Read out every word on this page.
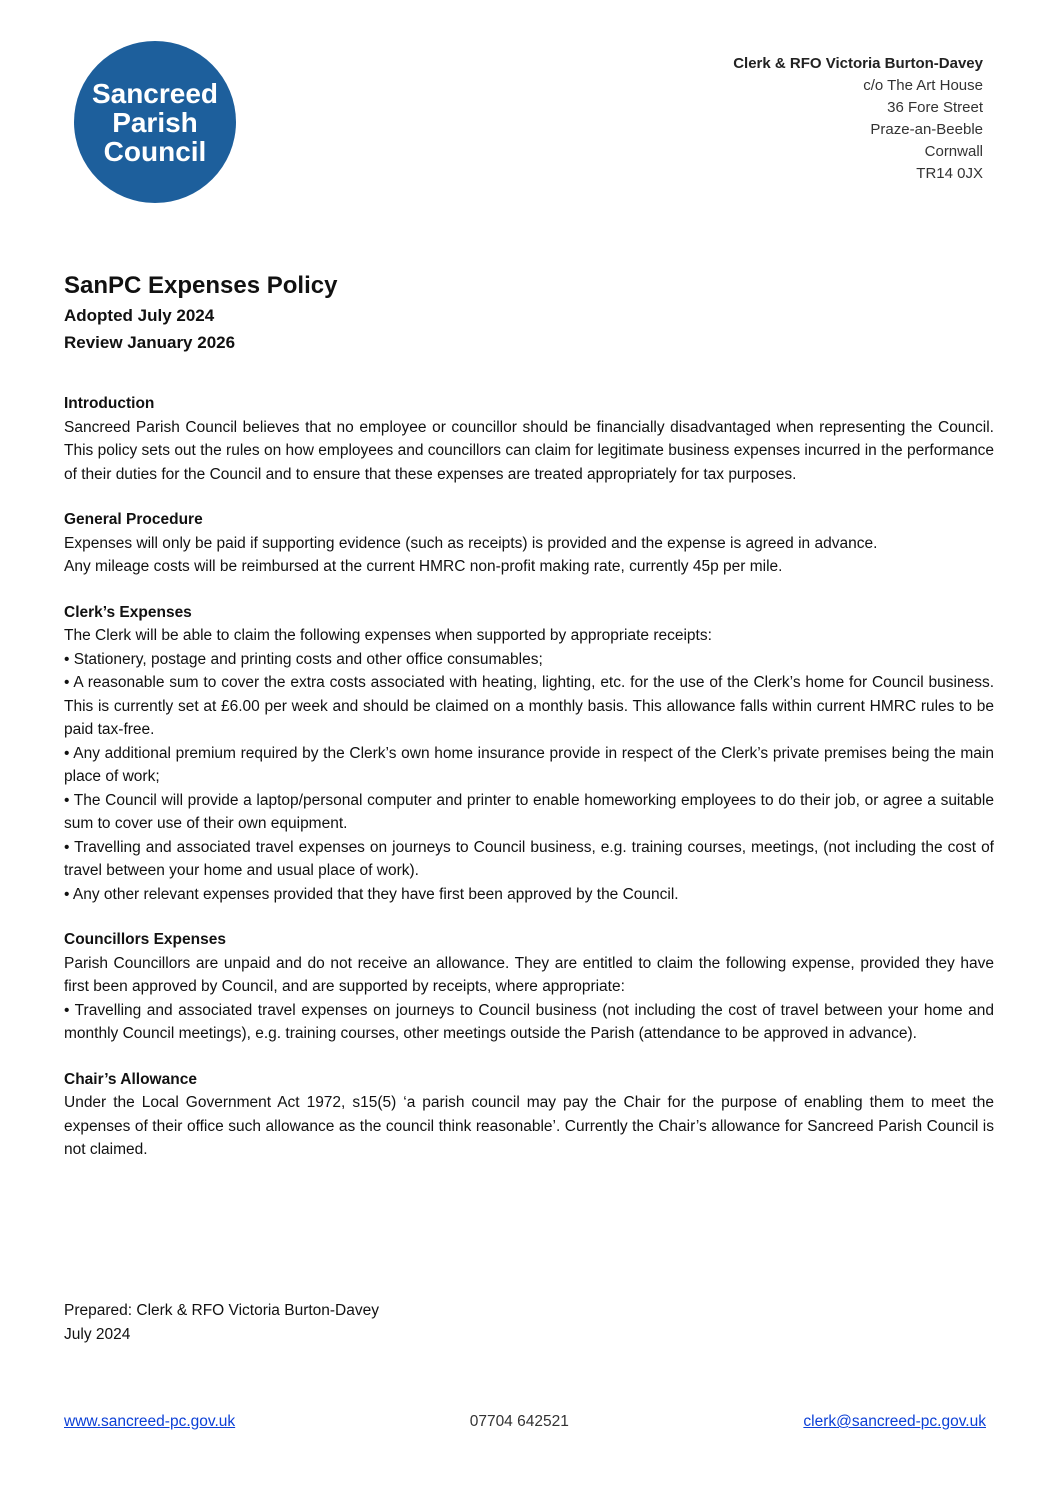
Sancreed
Parish
Council
Clerk & RFO Victoria Burton-Davey
c/o The Art House
36 Fore Street
Praze-an-Beeble
Cornwall
TR14 0JX
SanPC Expenses Policy
Adopted July 2024
Review January 2026
Introduction

Sancreed Parish Council believes that no employee or councillor should be financially disadvantaged when representing the Council. This policy sets out the rules on how employees and councillors can claim for legitimate business expenses incurred in the performance of their duties for the Council and to ensure that these expenses are treated appropriately for tax purposes.

General Procedure

Expenses will only be paid if supporting evidence (such as receipts) is provided and the expense is agreed in advance.

Any mileage costs will be reimbursed at the current HMRC non-profit making rate, currently 45p per mile.

Clerk’s Expenses

The Clerk will be able to claim the following expenses when supported by appropriate receipts:

• Stationery, postage and printing costs and other office consumables;

• A reasonable sum to cover the extra costs associated with heating, lighting, etc. for the use of the Clerk’s home for Council business. This is currently set at £6.00 per week and should be claimed on a monthly basis. This allowance falls within current HMRC rules to be paid tax-free.

• Any additional premium required by the Clerk’s own home insurance provide in respect of the Clerk’s private premises being the main place of work;

• The Council will provide a laptop/personal computer and printer to enable homeworking employees to do their job, or agree a suitable sum to cover use of their own equipment.

• Travelling and associated travel expenses on journeys to Council business, e.g. training courses, meetings, (not including the cost of travel between your home and usual place of work).

• Any other relevant expenses provided that they have first been approved by the Council.

Councillors Expenses

Parish Councillors are unpaid and do not receive an allowance. They are entitled to claim the following expense, provided they have first been approved by Council, and are supported by receipts, where appropriate:

• Travelling and associated travel expenses on journeys to Council business (not including the cost of travel between your home and monthly Council meetings), e.g. training courses, other meetings outside the Parish (attendance to be approved in advance).

Chair’s Allowance

Under the Local Government Act 1972, s15(5) ‘a parish council may pay the Chair for the purpose of enabling them to meet the expenses of their office such allowance as the council think reasonable’. Currently the Chair’s allowance for Sancreed Parish Council is not claimed.

Prepared: Clerk & RFO Victoria Burton-Davey
July 2024
www.sancreed-pc.gov.uk	07704 642521	clerk@sancreed-pc.gov.uk
